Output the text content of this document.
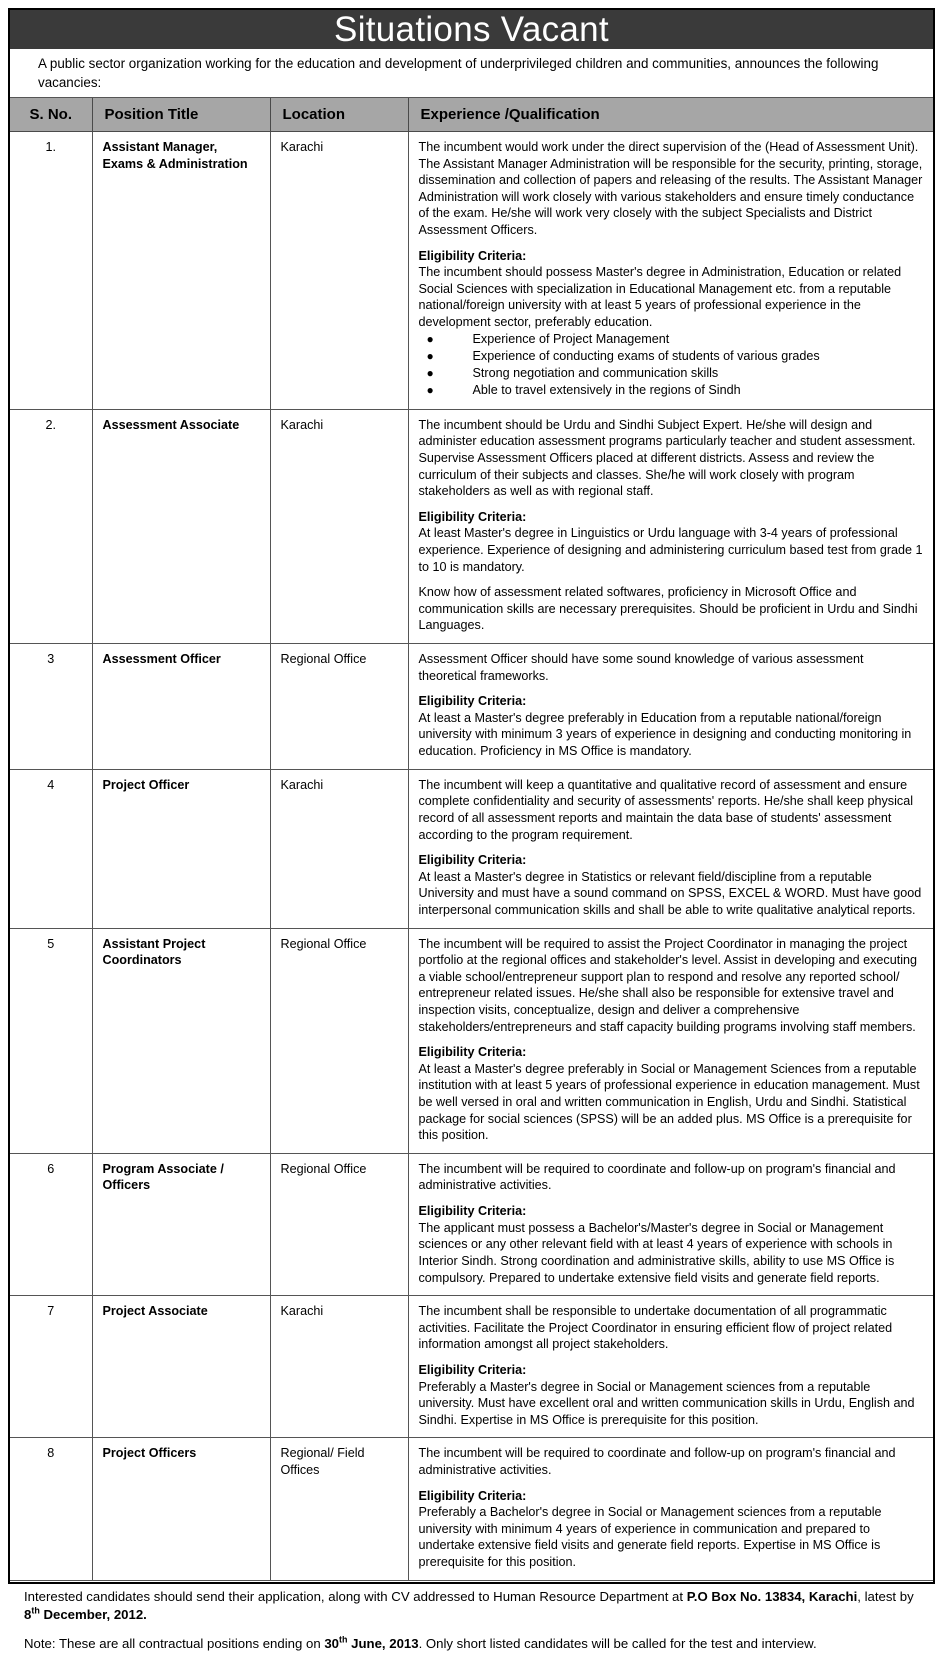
Situations Vacant
A public sector organization working for the education and development of underprivileged children and communities, announces the following vacancies:
S. No.	Position Title	Location	Experience /Qualification
1.	Assistant Manager, Exams & Administration	Karachi	The incumbent would work under the direct supervision of the (Head of Assessment Unit). The Assistant Manager Administration will be responsible for the security, printing, storage, dissemination and collection of papers and releasing of the results. The Assistant Manager Administration will work closely with various stakeholders and ensure timely conductance of the exam. He/she will work very closely with the subject Specialists and District Assessment Officers.

Eligibility Criteria:
The incumbent should possess Master's degree in Administration, Education or related Social Sciences with specialization in Educational Management etc. from a reputable national/foreign university with at least 5 years of professional experience in the development sector, preferably education.

●	Experience of Project Management
●	Experience of conducting exams of students of various grades
●	Strong negotiation and communication skills
●	Able to travel extensively in the regions of Sindh

2.	Assessment Associate	Karachi	The incumbent should be Urdu and Sindhi Subject Expert. He/she will design and administer education assessment programs particularly teacher and student assessment. Supervise Assessment Officers placed at different districts. Assess and review the curriculum of their subjects and classes. She/he will work closely with program stakeholders as well as with regional staff.

Eligibility Criteria:
At least Master's degree in Linguistics or Urdu language with 3-4 years of professional experience. Experience of designing and administering curriculum based test from grade 1 to 10 is mandatory.

Know how of assessment related softwares, proficiency in Microsoft Office and communication skills are necessary prerequisites. Should be proficient in Urdu and Sindhi Languages.

3	Assessment Officer	Regional Office	Assessment Officer should have some sound knowledge of various assessment theoretical frameworks.

Eligibility Criteria:
At least a Master's degree preferably in Education from a reputable national/foreign university with minimum 3 years of experience in designing and conducting monitoring in education. Proficiency in MS Office is mandatory.

4	Project Officer	Karachi	The incumbent will keep a quantitative and qualitative record of assessment and ensure complete confidentiality and security of assessments' reports. He/she shall keep physical record of all assessment reports and maintain the data base of students' assessment according to the program requirement.

Eligibility Criteria:
At least a Master's degree in Statistics or relevant field/discipline from a reputable University and must have a sound command on SPSS, EXCEL & WORD. Must have good interpersonal communication skills and shall be able to write qualitative analytical reports.

5	Assistant Project Coordinators	Regional Office	The incumbent will be required to assist the Project Coordinator in managing the project portfolio at the regional offices and stakeholder's level. Assist in developing and executing a viable school/entrepreneur support plan to respond and resolve any reported school/ entrepreneur related issues. He/she shall also be responsible for extensive travel and inspection visits, conceptualize, design and deliver a comprehensive stakeholders/entrepreneurs and staff capacity building programs involving staff members.

Eligibility Criteria:
At least a Master's degree preferably in Social or Management Sciences from a reputable institution with at least 5 years of professional experience in education management. Must be well versed in oral and written communication in English, Urdu and Sindhi. Statistical package for social sciences (SPSS) will be an added plus. MS Office is a prerequisite for this position.

6	Program Associate / Officers	Regional Office	The incumbent will be required to coordinate and follow-up on program's financial and administrative activities.

Eligibility Criteria:
The applicant must possess a Bachelor's/Master's degree in Social or Management sciences or any other relevant field with at least 4 years of experience with schools in Interior Sindh. Strong coordination and administrative skills, ability to use MS Office is compulsory. Prepared to undertake extensive field visits and generate field reports.

7	Project Associate	Karachi	The incumbent shall be responsible to undertake documentation of all programmatic activities. Facilitate the Project Coordinator in ensuring efficient flow of project related information amongst all project stakeholders.

Eligibility Criteria:
Preferably a Master's degree in Social or Management sciences from a reputable university. Must have excellent oral and written communication skills in Urdu, English and Sindhi. Expertise in MS Office is prerequisite for this position.

8	Project Officers	Regional/ Field Offices	The incumbent will be required to coordinate and follow-up on program's financial and administrative activities.

Eligibility Criteria:
Preferably a Bachelor's degree in Social or Management sciences from a reputable university with minimum 4 years of experience in communication and prepared to undertake extensive field visits and generate field reports. Expertise in MS Office is prerequisite for this position.

Interested candidates should send their application, along with CV addressed to Human Resource Department at P.O Box No. 13834, Karachi, latest by 8th December, 2012.

Note: These are all contractual positions ending on 30th June, 2013. Only short listed candidates will be called for the test and interview.
